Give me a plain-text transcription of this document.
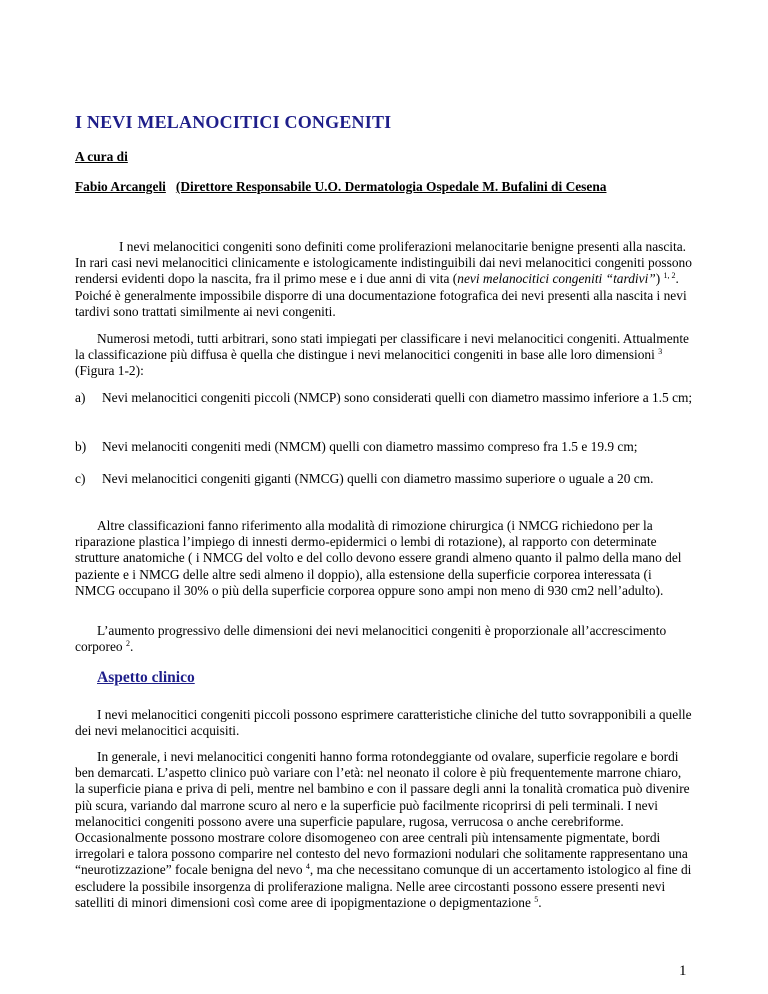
I NEVI MELANOCITICI CONGENITI
A cura di
Fabio Arcangeli (Direttore Responsabile U.O. Dermatologia Ospedale M. Bufalini di Cesena

I nevi melanocitici congeniti sono definiti come proliferazioni melanocitarie benigne presenti alla nascita. In rari casi nevi melanocitici clinicamente e istologicamente indistinguibili dai nevi melanocitici congeniti possono rendersi evidenti dopo la nascita, fra il primo mese e i due anni di vita (nevi melanocitici congeniti “tardivi”) $^{1, 2}$. Poiché è generalmente impossibile disporre di una documentazione fotografica dei nevi presenti alla nascita i nevi tardivi sono trattati similmente ai nevi congeniti.

Numerosi metodi, tutti arbitrari, sono stati impiegati per classificare i nevi melanocitici congeniti. Attualmente la classificazione più diffusa è quella che distingue i nevi melanocitici congeniti in base alle loro dimensioni $^3$ (Figura 1-2):

a)	Nevi melanocitici congeniti piccoli (NMCP) sono considerati quelli con diametro massimo inferiore a 1.5 cm;
b)	Nevi melanociti congeniti medi (NMCM) quelli con diametro massimo compreso fra 1.5 e 19.9 cm;
c)	Nevi melanocitici congeniti giganti (NMCG) quelli con diametro massimo superiore o uguale a 20 cm.

Altre classificazioni fanno riferimento alla modalità di rimozione chirurgica (i NMCG richiedono per la riparazione plastica l’impiego di innesti dermo-epidermici o lembi di rotazione), al rapporto con determinate strutture anatomiche ( i NMCG del volto e del collo devono essere grandi almeno quanto il palmo della mano del paziente e i NMCG delle altre sedi almeno il doppio), alla estensione della superficie corporea interessata (i NMCG occupano il 30% o più della superficie corporea oppure sono ampi non meno di 930 cm2 nell’adulto).

L’aumento progressivo delle dimensioni dei nevi melanocitici congeniti è proporzionale all’accrescimento corporeo $^2$.

Aspetto clinico

I nevi melanocitici congeniti piccoli possono esprimere caratteristiche cliniche del tutto sovrapponibili a quelle dei nevi melanocitici acquisiti.

In generale, i nevi melanocitici congeniti hanno forma rotondeggiante od ovalare, superficie regolare e bordi ben demarcati. L’aspetto clinico può variare con l’età: nel neonato il colore è più frequentemente marrone chiaro, la superficie piana e priva di peli, mentre nel bambino e con il passare degli anni la tonalità cromatica può divenire più scura, variando dal marrone scuro al nero e la superficie può facilmente ricoprirsi di peli terminali. I nevi melanocitici congeniti possono avere una superficie papulare, rugosa, verrucosa o anche cerebriforme. Occasionalmente possono mostrare colore disomogeneo con aree centrali più intensamente pigmentate, bordi irregolari e talora possono comparire nel contesto del nevo formazioni nodulari che solitamente rappresentano una “neurotizzazione” focale benigna del nevo $^4$, ma che necessitano comunque di un accertamento istologico al fine di escludere la possibile insorgenza di proliferazione maligna. Nelle aree circostanti possono essere presenti nevi satelliti di minori dimensioni così come aree di ipopigmentazione o depigmentazione $^5$.

1
